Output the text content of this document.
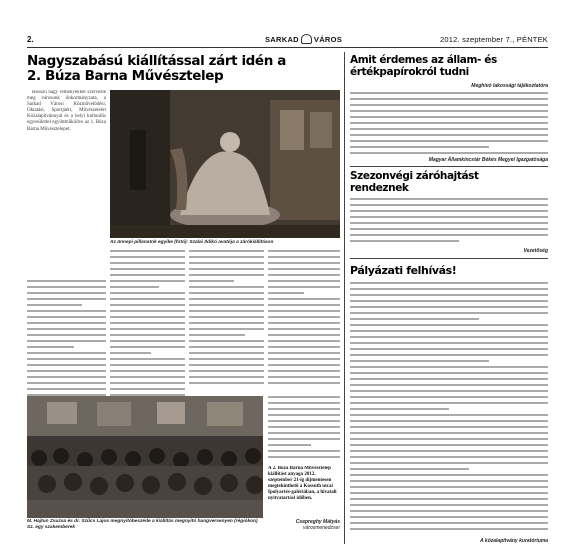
2.	SARKAD VÁROS	2012. szeptember 7., PÉNTEK
Nagyszabású kiállítással zárt idén a
2. Búza Barna Művésztelep

Hosszú nagy reményekkel szervezte meg városunk önkormányzata, a Sarkad Városi Közművelődési, Oktatási, Sportjáért, Művészetéért Közalapítvánnyal és a helyi kulturális egyesülettel együttműködve az 1. Búza Barna Művésztelepet.

Az ünnepi pillanatok egyike (fotó): Szalai Ildikó avatója a zárókiállításon
M. Hajtun Zsuzsa és dr. Szűcs Lajos megnyitóbeszéde a kiállítás megnyitó hangversenyen (régiókon) Sz. egy szakemberek
A 2. Búza Barna Művésztelep kiállítást anyaga 2012. szeptember 21-ig díjmentesen megtekinthető a Kossuth utcai Ipolyartés-galériában, a hivatali nyitvatartási időben.
Csepreghy Mátyás
városmenedzser
Amit érdemes az állam- és
értékpapírokról tudni
Meghívó lakossági tájékoztatóra
Magyar Államkincstár Békés Megyei Igazgatósága
Szezonvégi záróhajtást
rendeznek
Vezetőség
Pályázati felhívás!
A közalapítvány kuratóriuma
